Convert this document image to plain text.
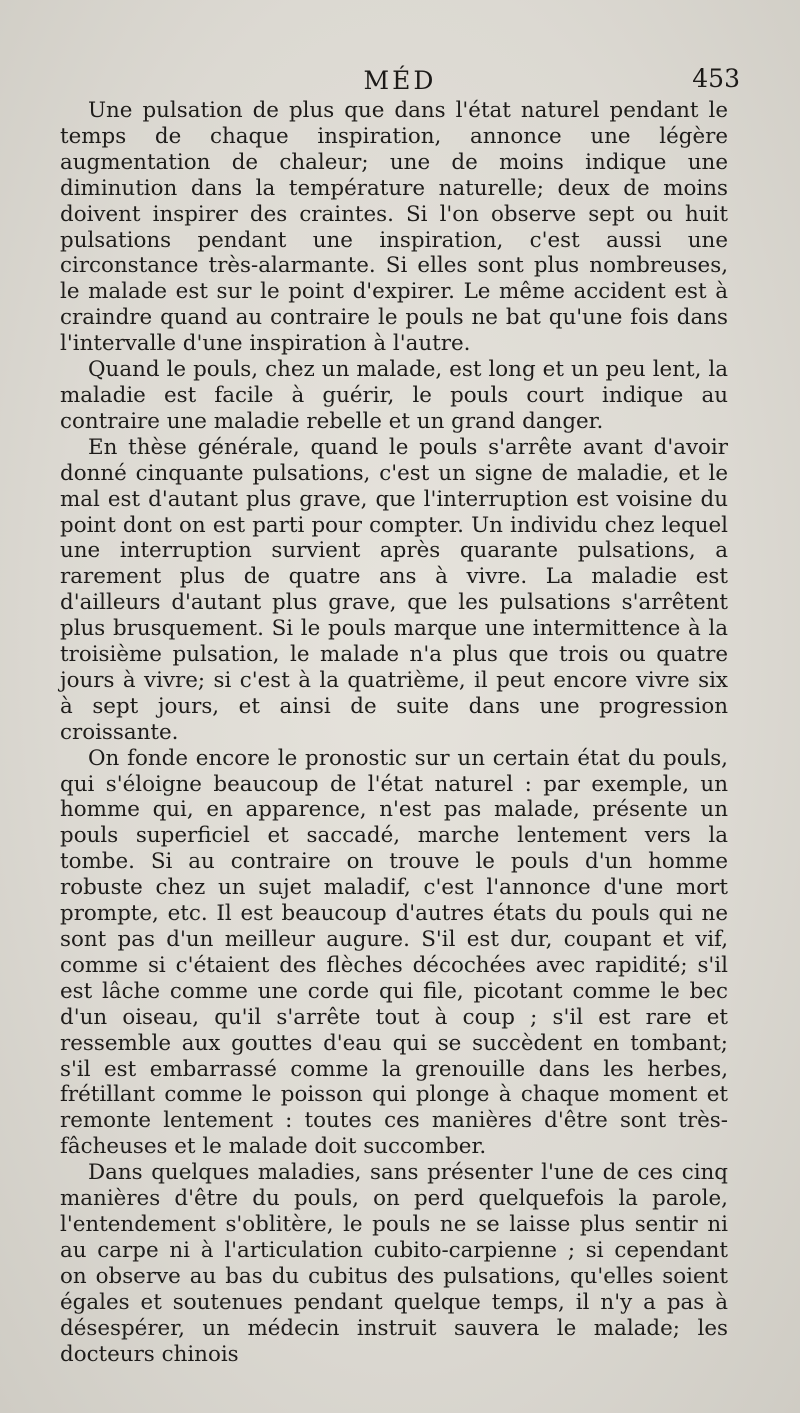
MÉD	453

Une pulsation de plus que dans l'état naturel pendant le temps de chaque inspiration, annonce une légère augmentation de chaleur; une de moins indique une diminution dans la température naturelle; deux de moins doivent inspirer des craintes. Si l'on observe sept ou huit pulsations pendant une inspiration, c'est aussi une circonstance très-alarmante. Si elles sont plus nombreuses, le malade est sur le point d'expirer. Le même accident est à craindre quand au contraire le pouls ne bat qu'une fois dans l'intervalle d'une inspiration à l'autre.

Quand le pouls, chez un malade, est long et un peu lent, la maladie est facile à guérir, le pouls court indique au contraire une maladie rebelle et un grand danger.

En thèse générale, quand le pouls s'arrête avant d'avoir donné cinquante pulsations, c'est un signe de maladie, et le mal est d'autant plus grave, que l'interruption est voisine du point dont on est parti pour compter. Un individu chez lequel une interruption survient après quarante pulsations, a rarement plus de quatre ans à vivre. La maladie est d'ailleurs d'autant plus grave, que les pulsations s'arrêtent plus brusquement. Si le pouls marque une intermittence à la troisième pulsation, le malade n'a plus que trois ou quatre jours à vivre; si c'est à la quatrième, il peut encore vivre six à sept jours, et ainsi de suite dans une progression croissante.

On fonde encore le pronostic sur un certain état du pouls, qui s'éloigne beaucoup de l'état naturel : par exemple, un homme qui, en apparence, n'est pas malade, présente un pouls superficiel et saccadé, marche lentement vers la tombe. Si au contraire on trouve le pouls d'un homme robuste chez un sujet maladif, c'est l'annonce d'une mort prompte, etc. Il est beaucoup d'autres états du pouls qui ne sont pas d'un meilleur augure. S'il est dur, coupant et vif, comme si c'étaient des flèches décochées avec rapidité; s'il est lâche comme une corde qui file, picotant comme le bec d'un oiseau, qu'il s'arrête tout à coup ; s'il est rare et ressemble aux gouttes d'eau qui se succèdent en tombant; s'il est embarrassé comme la grenouille dans les herbes, frétillant comme le poisson qui plonge à chaque moment et remonte lentement : toutes ces manières d'être sont très-fâcheuses et le malade doit succomber.

Dans quelques maladies, sans présenter l'une de ces cinq manières d'être du pouls, on perd quelquefois la parole, l'entendement s'oblitère, le pouls ne se laisse plus sentir ni au carpe ni à l'articulation cubito-carpienne ; si cependant on observe au bas du cubitus des pulsations, qu'elles soient égales et soutenues pendant quelque temps, il n'y a pas à désespérer, un médecin instruit sauvera le malade; les docteurs chinois
